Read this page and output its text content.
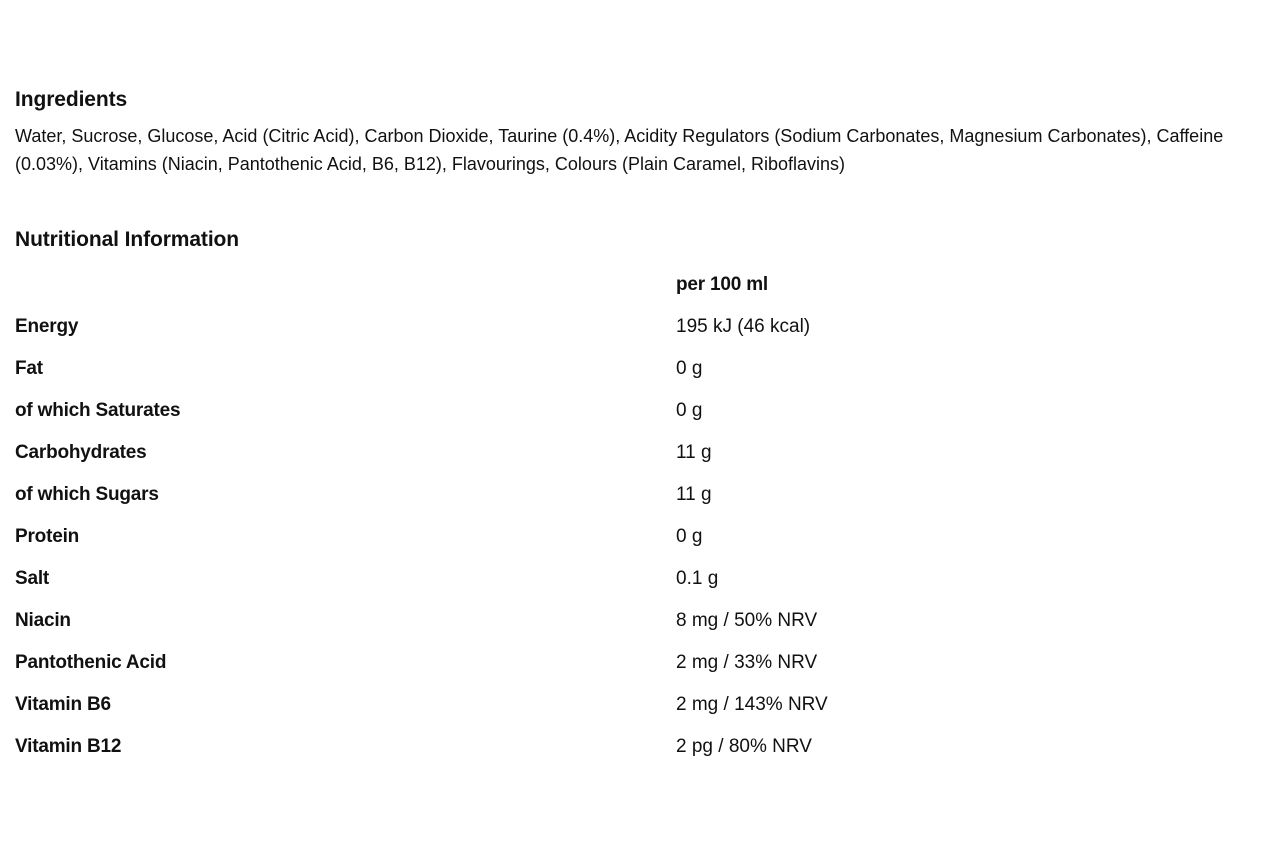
Ingredients

Water, Sucrose, Glucose, Acid (Citric Acid), Carbon Dioxide, Taurine (0.4%), Acidity Regulators (Sodium Carbonates, Magnesium Carbonates), Caffeine (0.03%), Vitamins (Niacin, Pantothenic Acid, B6, B12), Flavourings, Colours (Plain Caramel, Riboflavins)

Nutritional Information
per 100 ml
Energy	195 kJ (46 kcal)
Fat	0 g
of which Saturates	0 g
Carbohydrates	11 g
of which Sugars	11 g
Protein	0 g
Salt	0.1 g
Niacin	8 mg / 50% NRV
Pantothenic Acid	2 mg / 33% NRV
Vitamin B6	2 mg / 143% NRV
Vitamin B12	2 pg / 80% NRV
